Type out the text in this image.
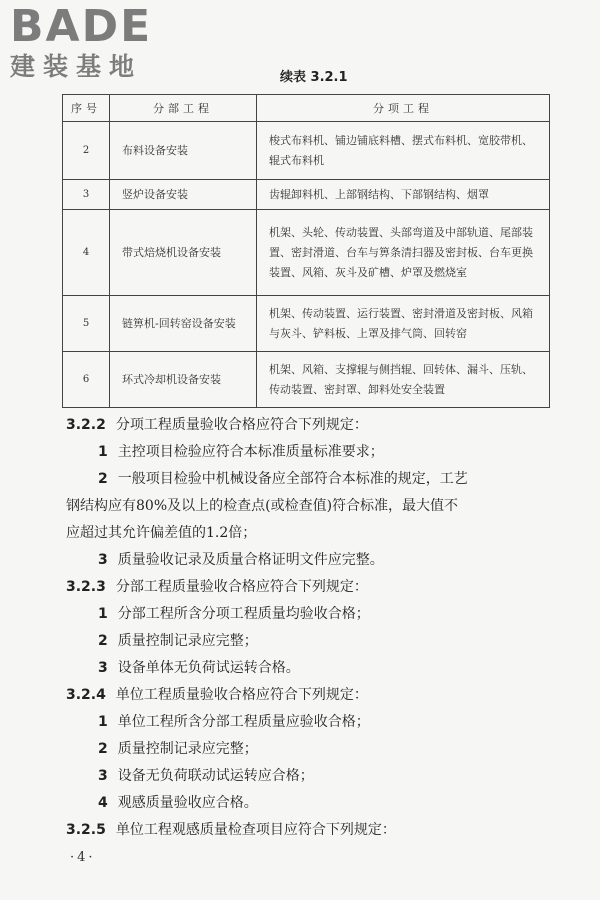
BADE
建装基地	续表 3.2.1
序号	分部工程	分项工程
2	布料设备安装	梭式布料机、铺边铺底料槽、摆式布料机、宽胶带机、辊式布料机
3	竖炉设备安装	齿辊卸料机、上部钢结构、下部钢结构、烟罩
4	带式焙烧机设备安装	机架、头轮、传动装置、头部弯道及中部轨道、尾部装置、密封滑道、台车与箅条清扫器及密封板、台车更换装置、风箱、灰斗及矿槽、炉罩及燃烧室
5	链箅机-回转窑设备安装	机架、传动装置、运行装置、密封滑道及密封板、风箱与灰斗、铲料板、上罩及排气筒、回转窑
6	环式冷却机设备安装	机架、风箱、支撑辊与侧挡辊、回转体、漏斗、压轨、传动装置、密封罩、卸料处安全装置

3.2.2 分项工程质量验收合格应符合下列规定：

1 主控项目检验应符合本标准质量标准要求；

2 一般项目检验中机械设备应全部符合本标准的规定，工艺

钢结构应有80%及以上的检查点(或检查值)符合标准，最大值不

应超过其允许偏差值的1.2倍；

3 质量验收记录及质量合格证明文件应完整。

3.2.3 分部工程质量验收合格应符合下列规定：

1 分部工程所含分项工程质量均验收合格；

2 质量控制记录应完整；

3 设备单体无负荷试运转合格。

3.2.4 单位工程质量验收合格应符合下列规定：

1 单位工程所含分部工程质量应验收合格；

2 质量控制记录应完整；

3 设备无负荷联动试运转应合格；

4 观感质量验收应合格。

3.2.5 单位工程观感质量检查项目应符合下列规定：

·4·
